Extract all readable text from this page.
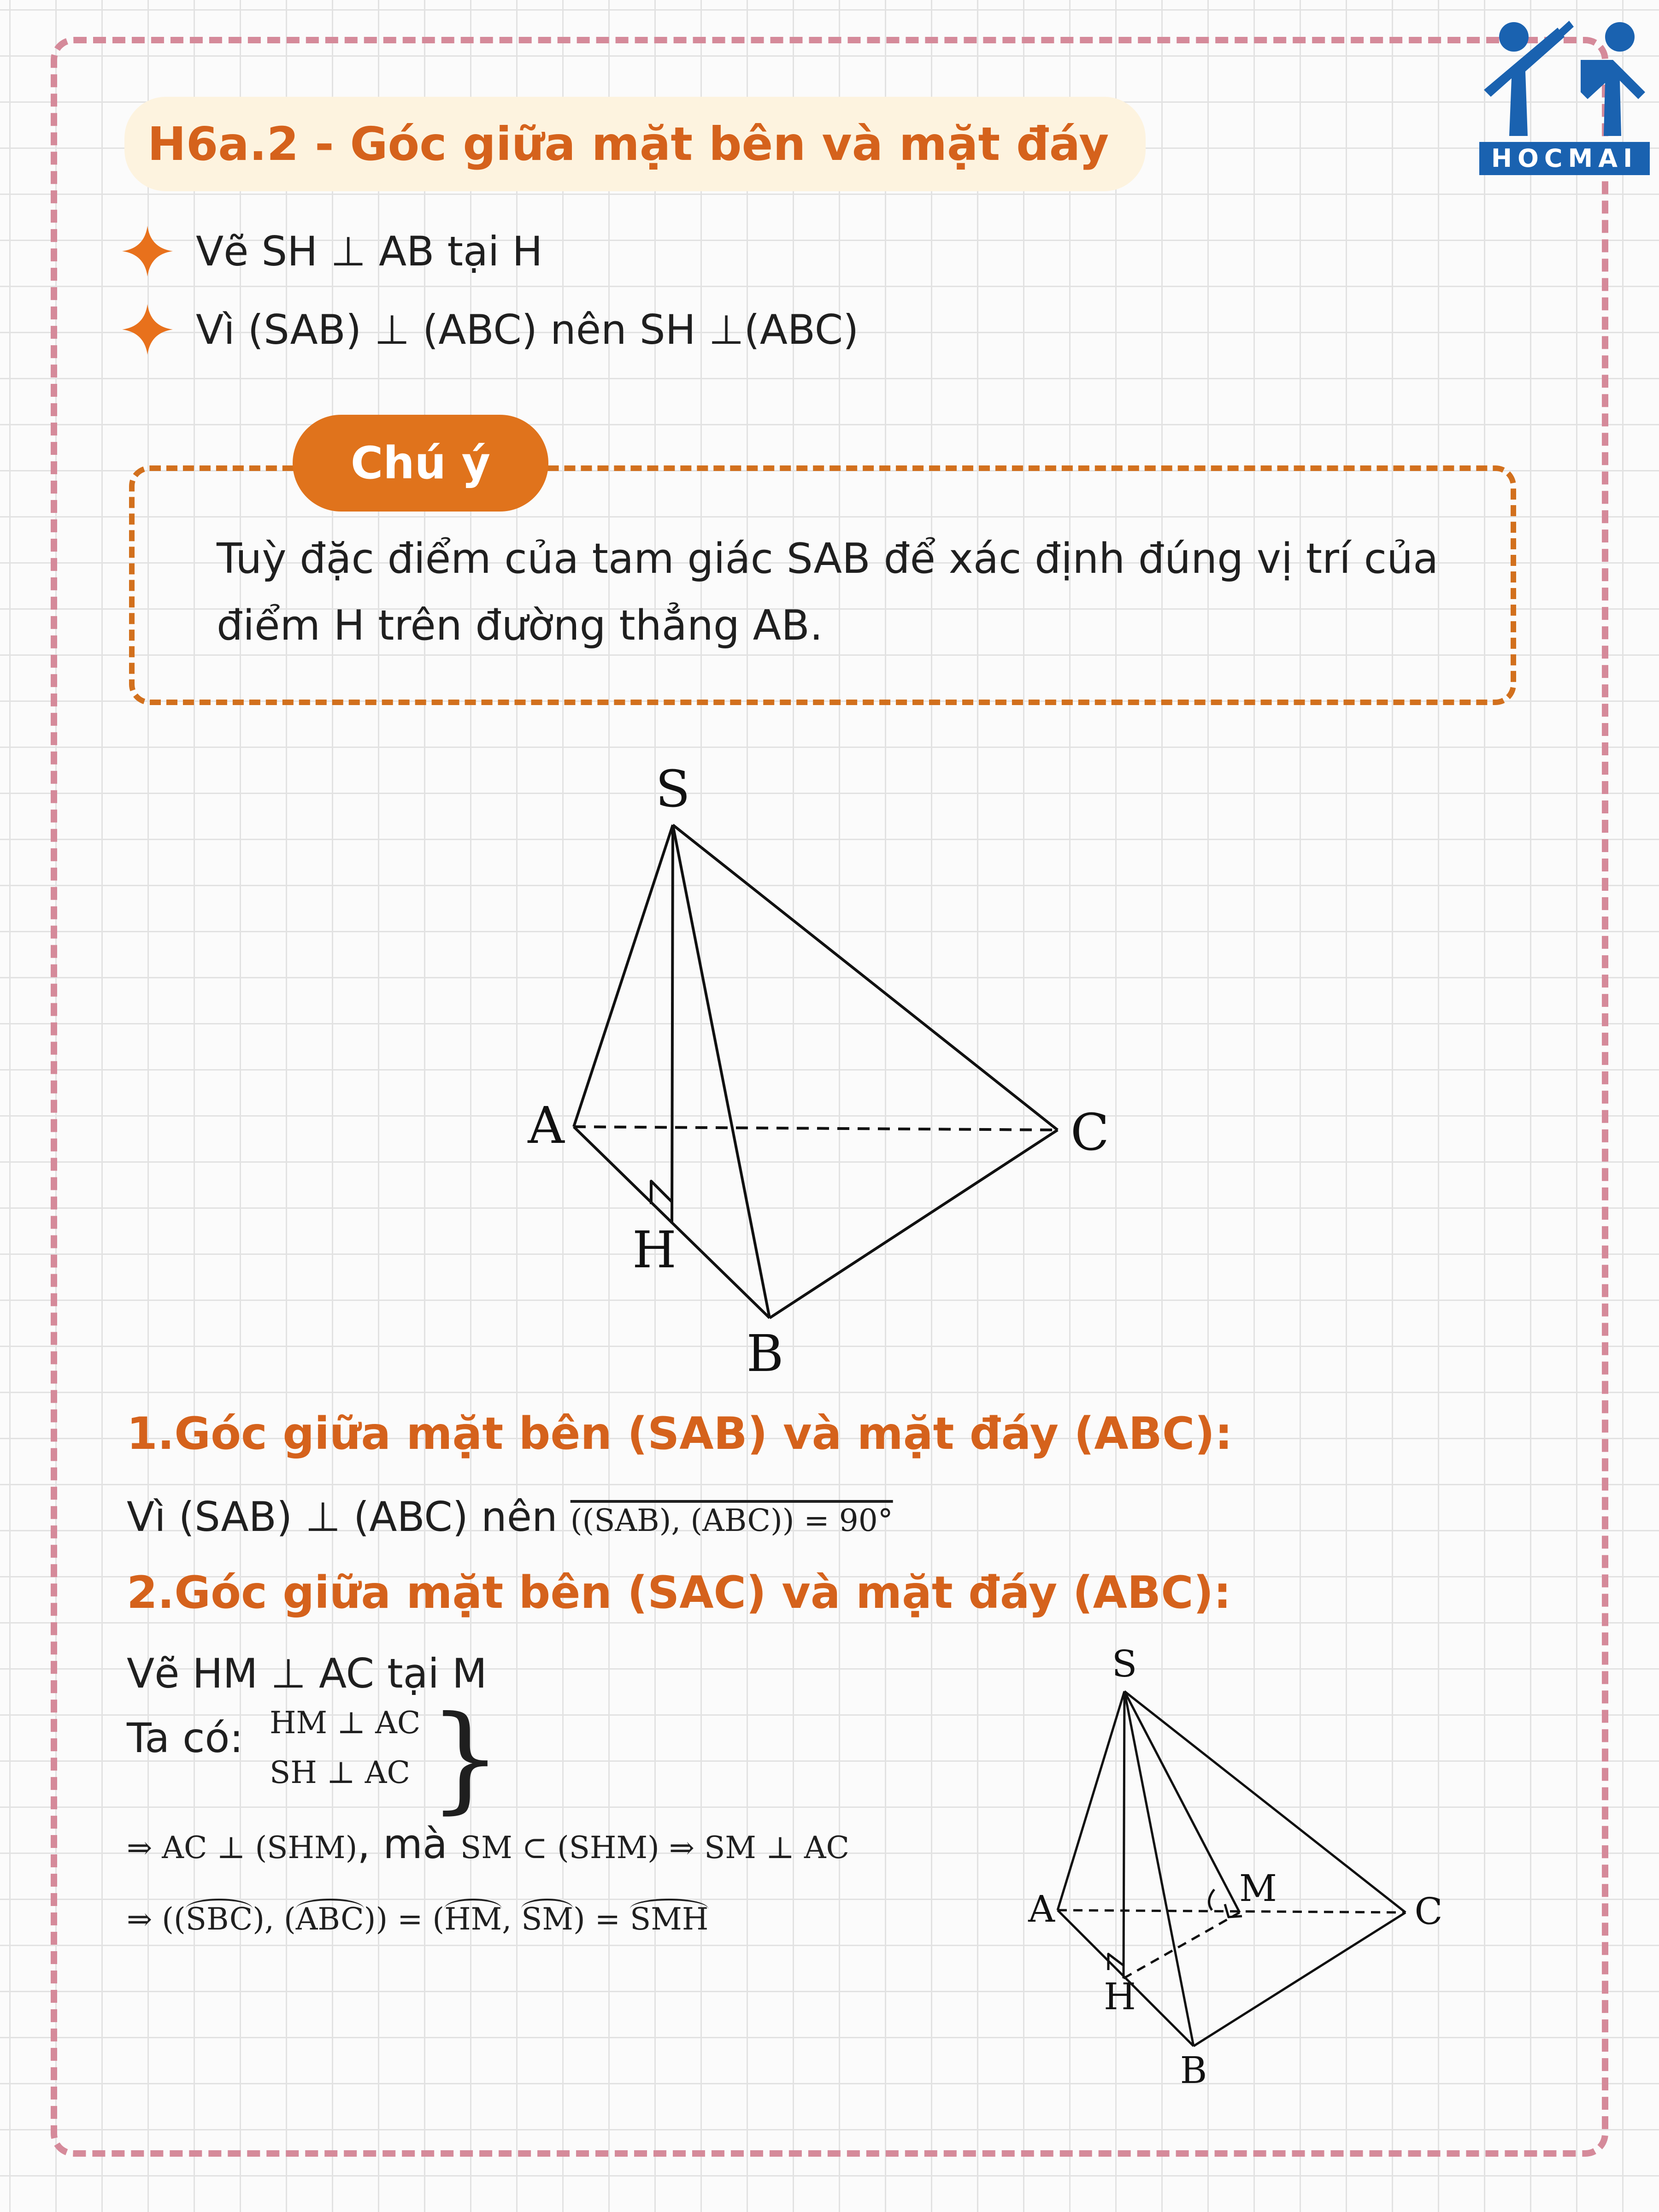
HOCMAI
H6a.2 - Góc giữa mặt bên và mặt đáy
Vẽ SH ⊥ AB tại H
Vì (SAB) ⊥ (ABC) nên SH ⊥(ABC)
Chú ý
Tuỳ đặc điểm của tam giác SAB để xác định đúng vị trí của điểm H trên đường thẳng AB.
S
A	C
H
B
1.Góc giữa mặt bên (SAB) và mặt đáy (ABC):
Vì (SAB) ⊥ (ABC) nên ((SAB), (ABC)) = 90°
2.Góc giữa mặt bên (SAC) và mặt đáy (ABC):
Vẽ HM ⊥ AC tại M
Ta có: HM ⊥ AC
SH ⊥ AC }
⇒ AC ⊥ (SHM), mà SM ⊂ (SHM) ⇒ SM ⊥ AC
⇒ ((SBC), (ABC)) = (HM, SM) = SMH
S
A	C
H
B
M
